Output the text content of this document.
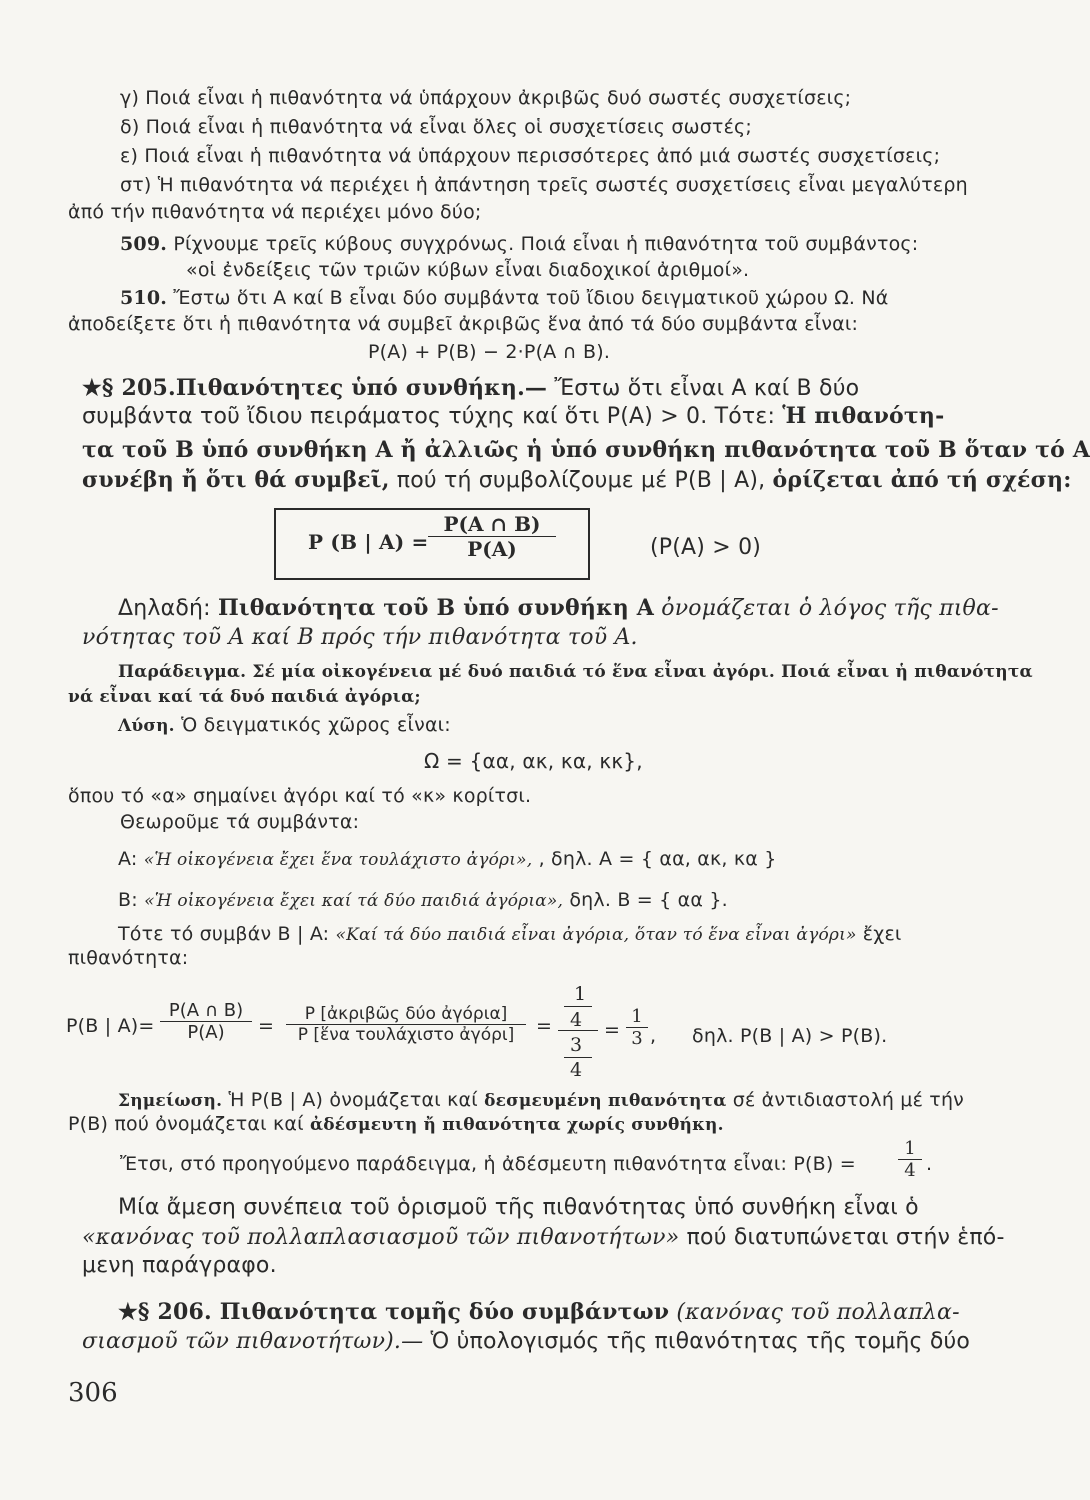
γ) Ποιά εἶναι ἡ πιθανότητα νά ὑπάρχουν ἀκριβῶς δυό σωστές συσχετίσεις;
δ) Ποιά εἶναι ἡ πιθανότητα νά εἶναι ὅλες οἱ συσχετίσεις σωστές;
ε) Ποιά εἶναι ἡ πιθανότητα νά ὑπάρχουν περισσότερες ἀπό μιά σωστές συσχετίσεις;
στ) Ἡ πιθανότητα νά περιέχει ἡ ἀπάντηση τρεῖς σωστές συσχετίσεις εἶναι μεγαλύτερη
ἀπό τήν πιθανότητα νά περιέχει μόνο δύο;
509. Ρίχνουμε τρεῖς κύβους συγχρόνως. Ποιά εἶναι ἡ πιθανότητα τοῦ συμβάντος:
«οἱ ἐνδείξεις τῶν τριῶν κύβων εἶναι διαδοχικοί ἀριθμοί».
510. Ἔστω ὅτι A καί B εἶναι δύο συμβάντα τοῦ ἴδιου δειγματικοῦ χώρου Ω. Νά
ἀποδείξετε ὅτι ἡ πιθανότητα νά συμβεῖ ἀκριβῶς ἕνα ἀπό τά δύο συμβάντα εἶναι:
P(A) + P(B) − 2·P(A ∩ B).
★§ 205.Πιθανότητες ὑπό συνθήκη.— Ἔστω ὅτι εἶναι A καί B δύο
συμβάντα τοῦ ἴδιου πειράματος τύχης καί ὅτι P(A) > 0. Τότε: Ἡ πιθανότη-
τα τοῦ B ὑπό συνθήκη A ἤ ἀλλιῶς ἡ ὑπό συνθήκη πιθανότητα τοῦ B ὅταν τό A
συνέβη ἤ ὅτι θά συμβεῖ, πού τή συμβολίζουμε μέ P(B | A), ὁρίζεται ἀπό τή σχέση:
P (B | A) =
P(A ∩ B)
P(A)	(P(A) > 0)
Δηλαδή: Πιθανότητα τοῦ B ὑπό συνθήκη A ὀνομάζεται ὁ λόγος τῆς πιθα-
νότητας τοῦ A καί B πρός τήν πιθανότητα τοῦ A.
Παράδειγμα. Σέ μία οἰκογένεια μέ δυό παιδιά τό ἕνα εἶναι ἀγόρι. Ποιά εἶναι ἡ πιθανότητα
νά εἶναι καί τά δυό παιδιά ἀγόρια;
Λύση. Ὁ δειγματικός χῶρος εἶναι:
Ω = {αα, ακ, κα, κκ},
ὅπου τό «α» σημαίνει ἀγόρι καί τό «κ» κορίτσι.
Θεωροῦμε τά συμβάντα:
A: «Ἡ οἰκογένεια ἔχει ἕνα τουλάχιστο ἀγόρι», , δηλ. A = { αα, ακ, κα }
B: «Ἡ οἰκογένεια ἔχει καί τά δύο παιδιά ἀγόρια», δηλ. B = { αα }.
Τότε τό συμβάν B | A: «Καί τά δύο παιδιά εἶναι ἀγόρια, ὅταν τό ἕνα εἶναι ἀγόρι» ἔχει
πιθανότητα:
P(B | A)=
P(A ∩ B)
P(A)	=
P [ἀκριβῶς δύο ἀγόρια]
P [ἕνα τουλάχιστο ἀγόρι]	=
1
4
3
4
=
1
3 , δηλ. P(B | A) > P(B).
Σημείωση. Ἡ P(B | A) ὀνομάζεται καί δεσμευμένη πιθανότητα σέ ἀντιδιαστολή μέ τήν
P(B) πού ὀνομάζεται καί ἀδέσμευτη ἤ πιθανότητα χωρίς συνθήκη.
Ἔτσι, στό προηγούμενο παράδειγμα, ἡ ἀδέσμευτη πιθανότητα εἶναι: P(B) =
1
4 .
Μία ἄμεση συνέπεια τοῦ ὁρισμοῦ τῆς πιθανότητας ὑπό συνθήκη εἶναι ὁ
«κανόνας τοῦ πολλαπλασιασμοῦ τῶν πιθανοτήτων» πού διατυπώνεται στήν ἑπό-
μενη παράγραφο.
★§ 206. Πιθανότητα τομῆς δύο συμβάντων (κανόνας τοῦ πολλαπλα-
σιασμοῦ τῶν πιθανοτήτων).— Ὁ ὑπολογισμός τῆς πιθανότητας τῆς τομῆς δύο
306
